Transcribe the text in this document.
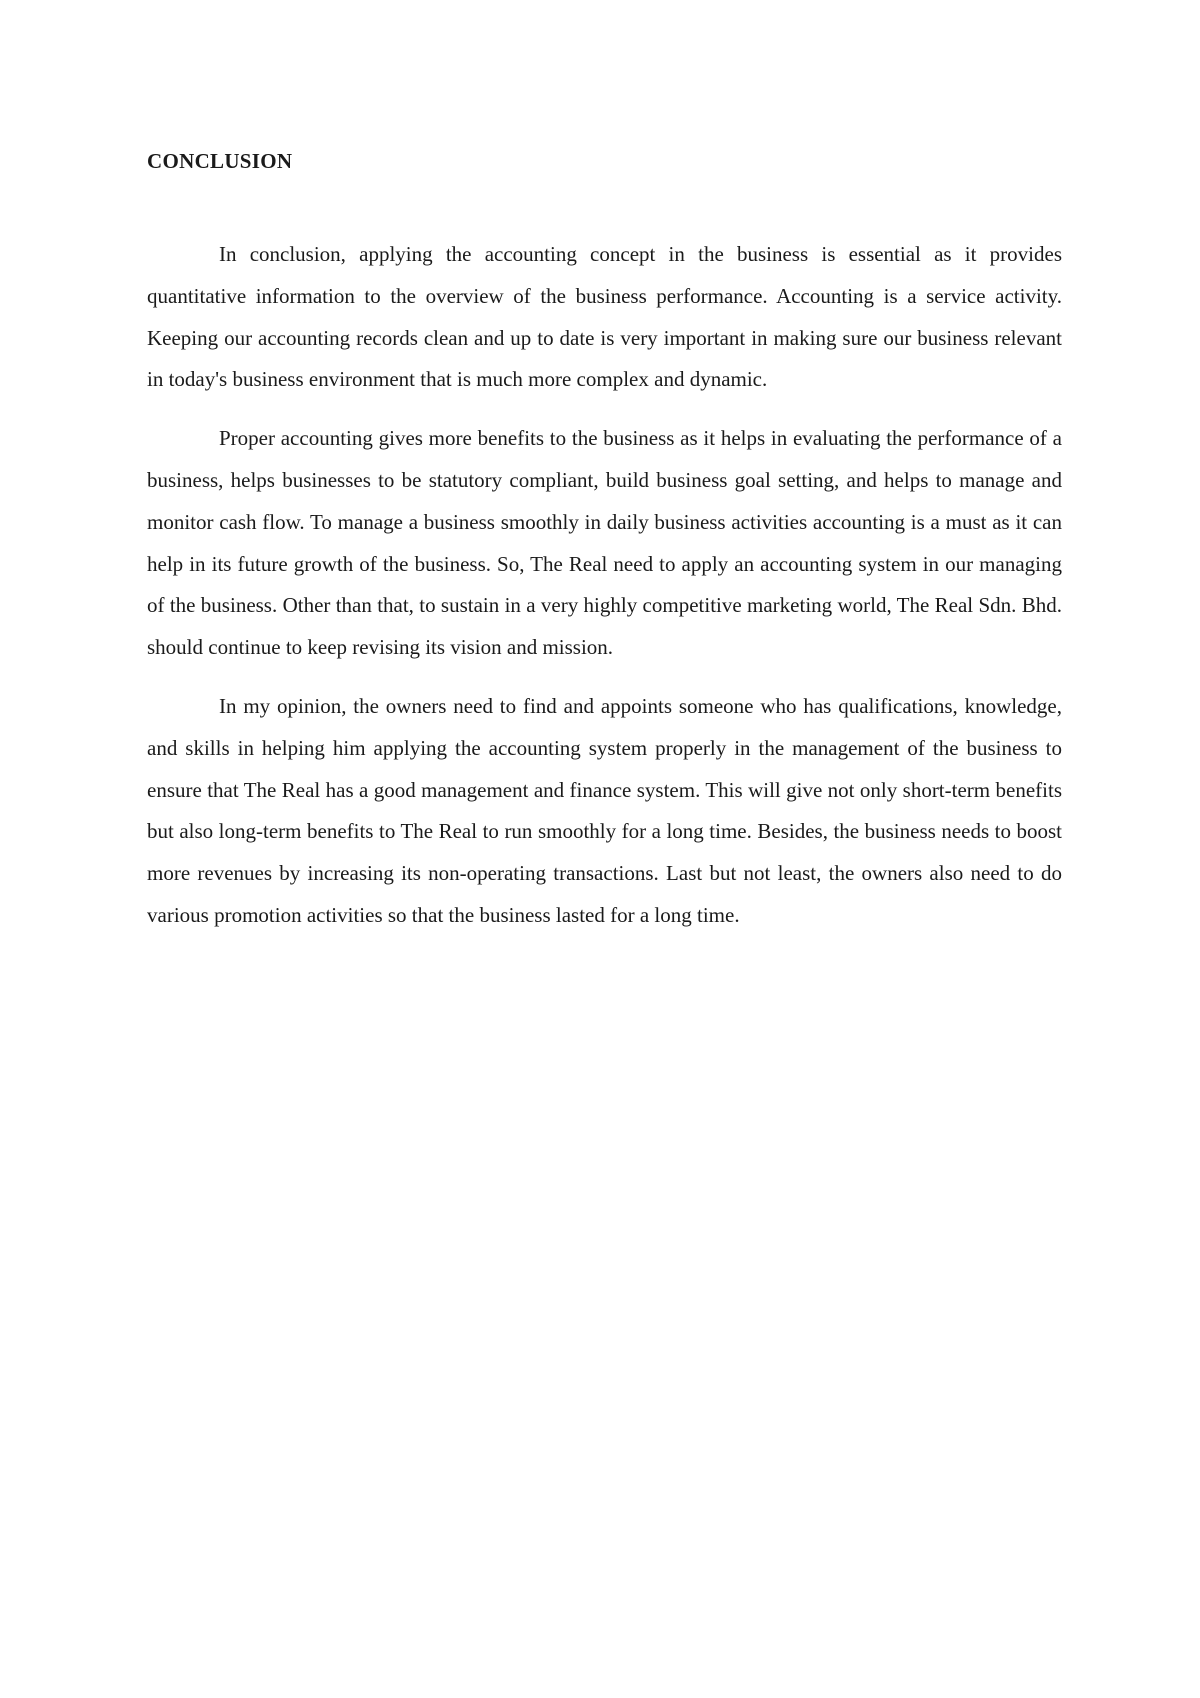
CONCLUSION

In conclusion, applying the accounting concept in the business is essential as it provides quantitative information to the overview of the business performance. Accounting is a service activity. Keeping our accounting records clean and up to date is very important in making sure our business relevant in today's business environment that is much more complex and dynamic.

Proper accounting gives more benefits to the business as it helps in evaluating the performance of a business, helps businesses to be statutory compliant, build business goal setting, and helps to manage and monitor cash flow. To manage a business smoothly in daily business activities accounting is a must as it can help in its future growth of the business. So, The Real need to apply an accounting system in our managing of the business. Other than that, to sustain in a very highly competitive marketing world, The Real Sdn. Bhd. should continue to keep revising its vision and mission.

In my opinion, the owners need to find and appoints someone who has qualifications, knowledge, and skills in helping him applying the accounting system properly in the management of the business to ensure that The Real has a good management and finance system. This will give not only short-term benefits but also long-term benefits to The Real to run smoothly for a long time. Besides, the business needs to boost more revenues by increasing its non-operating transactions. Last but not least, the owners also need to do various promotion activities so that the business lasted for a long time.
